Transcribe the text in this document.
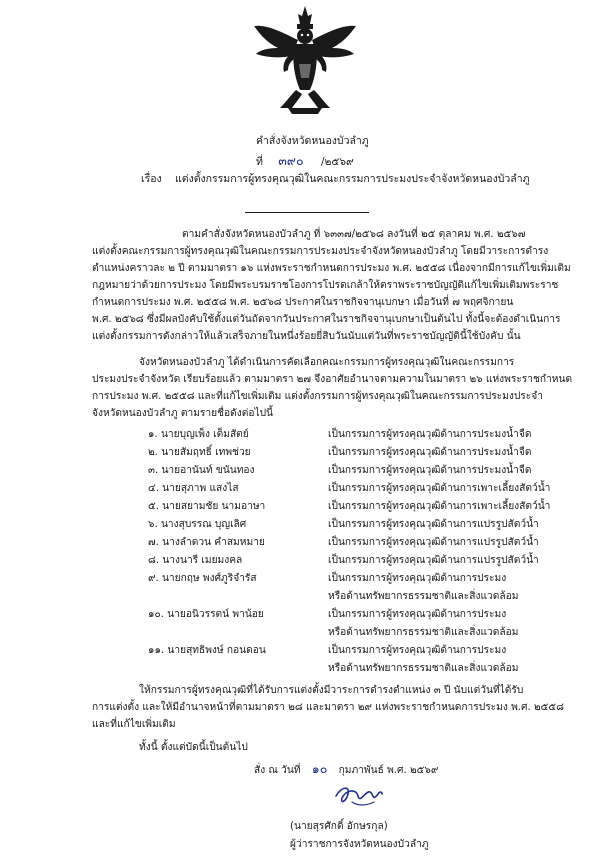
คำสั่งจังหวัดหนองบัวลำภู
ที่ ๓๙๐ /๒๕๖๙
เรื่อง แต่งตั้งกรรมการผู้ทรงคุณวุฒิในคณะกรรมการประมงประจำจังหวัดหนองบัวลำภู
ตามคำสั่งจังหวัดหนองบัวลำภู ที่ ๖๓๓๗/๒๕๖๘ ลงวันที่ ๒๕ ตุลาคม พ.ศ. ๒๕๖๗
แต่งตั้งคณะกรรมการผู้ทรงคุณวุฒิในคณะกรรมการประมงประจำจังหวัดหนองบัวลำภู โดยมีวาระการดำรง
ตำแหน่งคราวละ ๒ ปี ตามมาตรา ๑๖ แห่งพระราชกำหนดการประมง พ.ศ. ๒๕๕๘ เนื่องจากมีการแก้ไขเพิ่มเติม
กฎหมายว่าด้วยการประมง โดยมีพระบรมราชโองการโปรดเกล้าให้ตราพระราชบัญญัติแก้ไขเพิ่มเติมพระราช
กำหนดการประมง พ.ศ. ๒๕๕๘ พ.ศ. ๒๕๖๘ ประกาศในราชกิจจานุเบกษา เมื่อวันที่ ๗ พฤศจิกายน
พ.ศ. ๒๕๖๘ ซึ่งมีผลบังคับใช้ตั้งแต่วันถัดจากวันประกาศในราชกิจจานุเบกษาเป็นต้นไป ทั้งนี้จะต้องดำเนินการ
แต่งตั้งกรรมการดังกล่าวให้แล้วเสร็จภายในหนึ่งร้อยยี่สิบวันนับแต่วันที่พระราชบัญญัตินี้ใช้บังคับ นั้น
จังหวัดหนองบัวลำภู ได้ดำเนินการคัดเลือกคณะกรรมการผู้ทรงคุณวุฒิในคณะกรรมการ
ประมงประจำจังหวัด เรียบร้อยแล้ว ตามมาตรา ๒๗ จึงอาศัยอำนาจตามความในมาตรา ๒๖ แห่งพระราชกำหนด
การประมง พ.ศ. ๒๕๕๘ และที่แก้ไขเพิ่มเติม แต่งตั้งกรรมการผู้ทรงคุณวุฒิในคณะกรรมการประมงประจำ
จังหวัดหนองบัวลำภู ตามรายชื่อดังต่อไปนี้
๑. นายบุญเพ็ง เต็มสัตย์	เป็นกรรมการผู้ทรงคุณวุฒิด้านการประมงน้ำจืด
๒. นายสัมฤทธิ์ เทพช่วย	เป็นกรรมการผู้ทรงคุณวุฒิด้านการประมงน้ำจืด
๓. นายอานันท์ ขนันทอง	เป็นกรรมการผู้ทรงคุณวุฒิด้านการประมงน้ำจืด
๔. นายสุภาพ แสงไส	เป็นกรรมการผู้ทรงคุณวุฒิด้านการเพาะเลี้ยงสัตว์น้ำ
๕. นายสยามชัย นามอาษา	เป็นกรรมการผู้ทรงคุณวุฒิด้านการเพาะเลี้ยงสัตว์น้ำ
๖. นางสุบรรณ บุญเลิศ	เป็นกรรมการผู้ทรงคุณวุฒิด้านการแปรรูปสัตว์น้ำ
๗. นางลำดวน คำสมหมาย	เป็นกรรมการผู้ทรงคุณวุฒิด้านการแปรรูปสัตว์น้ำ
๘. นางนารี เมยมงคล	เป็นกรรมการผู้ทรงคุณวุฒิด้านการแปรรูปสัตว์น้ำ
๙. นายกฤษ พงศ์ภูริจำรัส	เป็นกรรมการผู้ทรงคุณวุฒิด้านการประมง
หรือด้านทรัพยากรธรรมชาติและสิ่งแวดล้อม
๑๐. นายอนิวรรตน์ พาน้อย	เป็นกรรมการผู้ทรงคุณวุฒิด้านการประมง
หรือด้านทรัพยากรธรรมชาติและสิ่งแวดล้อม
๑๑. นายสุทธิพงษ์ กอนดอน	เป็นกรรมการผู้ทรงคุณวุฒิด้านการประมง
หรือด้านทรัพยากรธรรมชาติและสิ่งแวดล้อม
ให้กรรมการผู้ทรงคุณวุฒิที่ได้รับการแต่งตั้งมีวาระการดำรงตำแหน่ง ๓ ปี นับแต่วันที่ได้รับ
การแต่งตั้ง และให้มีอำนาจหน้าที่ตามมาตรา ๒๘ และมาตรา ๒๙ แห่งพระราชกำหนดการประมง พ.ศ. ๒๕๕๘
และที่แก้ไขเพิ่มเติม
ทั้งนี้ ตั้งแต่บัดนี้เป็นต้นไป
สั่ง ณ วันที่ ๑๐ กุมภาพันธ์ พ.ศ. ๒๕๖๙
(นายสุรศักดิ์ อักษรกุล)
ผู้ว่าราชการจังหวัดหนองบัวลำภู
